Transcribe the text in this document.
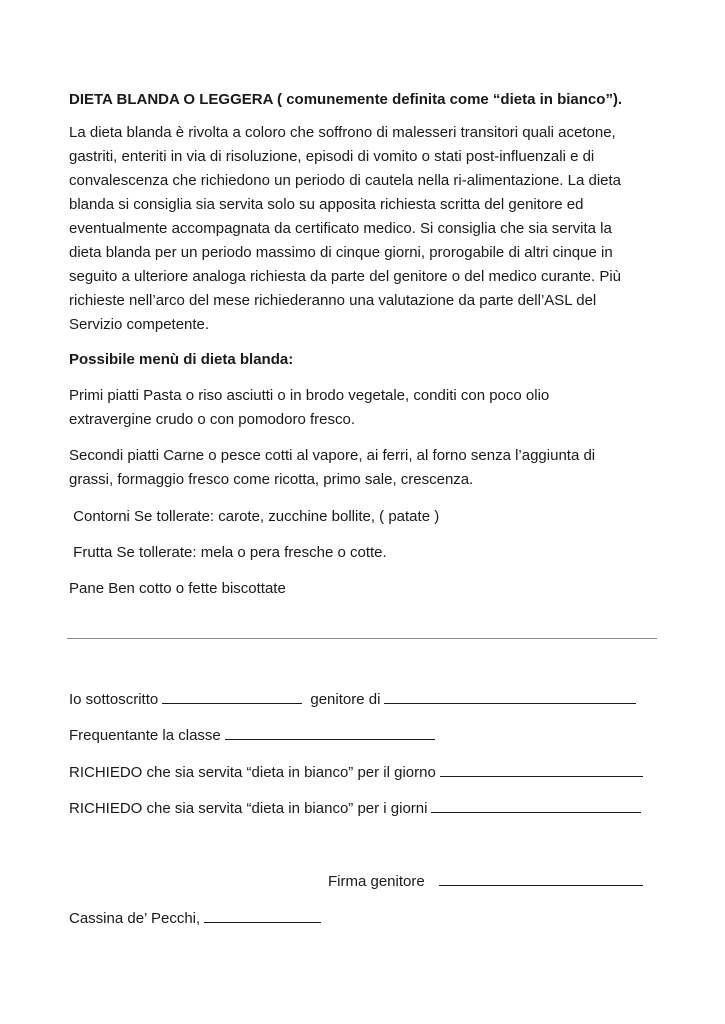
DIETA BLANDA O LEGGERA ( comunemente definita come “dieta in bianco”).
La dieta blanda è rivolta a coloro che soffrono di malesseri transitori quali acetone,
gastriti, enteriti in via di risoluzione, episodi di vomito o stati post-influenzali e di
convalescenza che richiedono un periodo di cautela nella ri-alimentazione. La dieta
blanda si consiglia sia servita solo su apposita richiesta scritta del genitore ed
eventualmente accompagnata da certificato medico. Si consiglia che sia servita la
dieta blanda per un periodo massimo di cinque giorni, prorogabile di altri cinque in
seguito a ulteriore analoga richiesta da parte del genitore o del medico curante. Più
richieste nell’arco del mese richiederanno una valutazione da parte dell’ASL del
Servizio competente.
Possibile menù di dieta blanda:
Primi piatti Pasta o riso asciutti o in brodo vegetale, conditi con poco olio
extravergine crudo o con pomodoro fresco.
Secondi piatti Carne o pesce cotti al vapore, ai ferri, al forno senza l’aggiunta di
grassi, formaggio fresco come ricotta, primo sale, crescenza.
Contorni Se tollerate: carote, zucchine bollite, ( patate )
Frutta Se tollerate: mela o pera fresche o cotte.
Pane Ben cotto o fette biscottate
Io sottoscritto	genitore di
Frequentante la classe
RICHIEDO che sia servita “dieta in bianco” per il giorno
RICHIEDO che sia servita “dieta in bianco” per i giorni
Firma genitore
Cassina de’ Pecchi,
